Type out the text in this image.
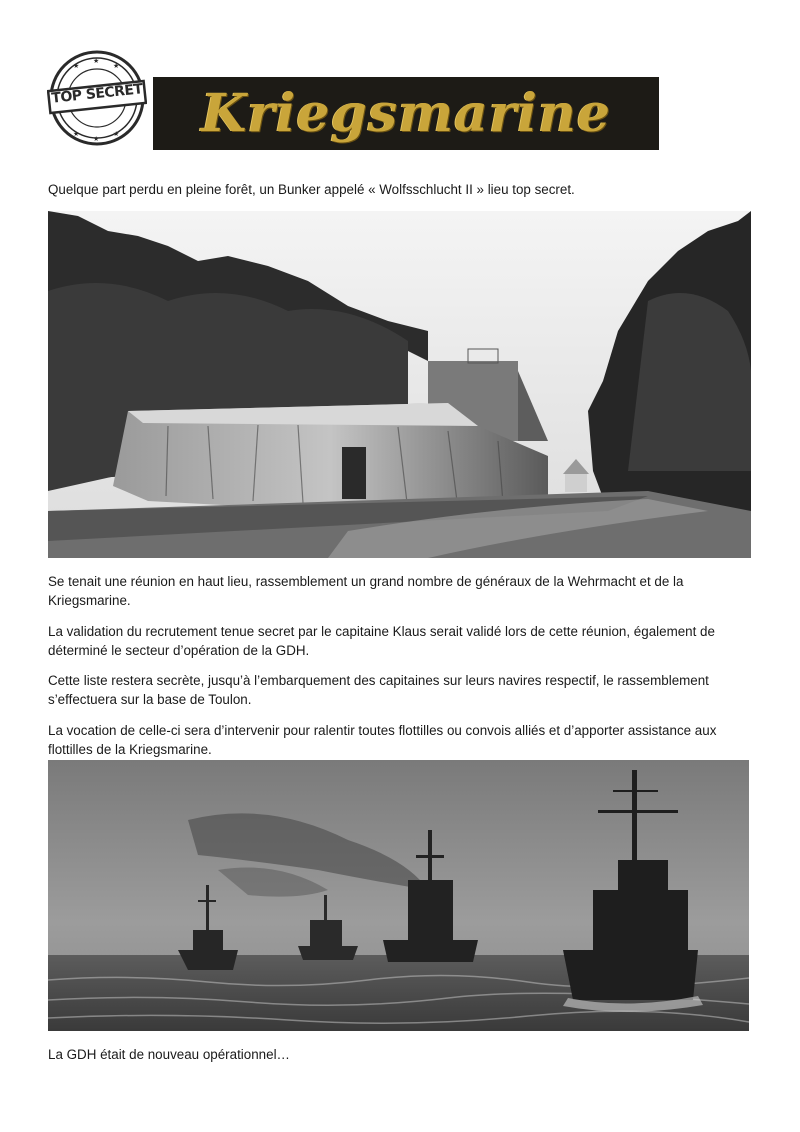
★
★
★
★
★
★
TOP SECRET Kriegsmarine

Quelque part perdu en pleine forêt, un Bunker appelé « Wolfsschlucht II » lieu top secret.

Se tenait une réunion en haut lieu, rassemblement un grand nombre de généraux de la Wehrmacht et de la Kriegsmarine.

La validation du recrutement tenue secret par le capitaine Klaus serait validé lors de cette réunion, également de déterminé le secteur d’opération de la GDH.

Cette liste restera secrète, jusqu’à l’embarquement des capitaines sur leurs navires respectif, le rassemblement s’effectuera sur la base de Toulon.

La vocation de celle-ci sera d’intervenir pour ralentir toutes flottilles ou convois alliés et d’apporter assistance aux flottilles de la Kriegsmarine.

La GDH était de nouveau opérationnel…
